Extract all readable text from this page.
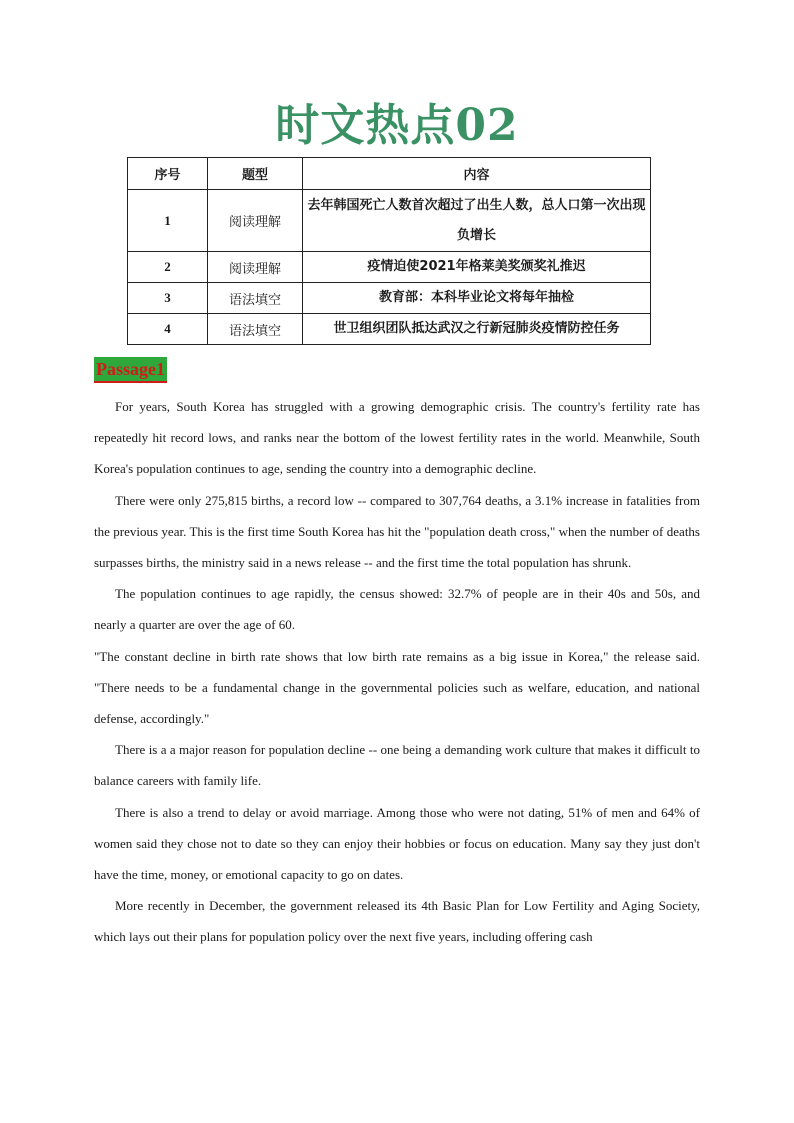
时文热点02
序号	题型	内容
1	阅读理解	去年韩国死亡人数首次超过了出生人数，总人口第一次出现负增长
2	阅读理解	疫情迫使2021年格莱美奖颁奖礼推迟
3	语法填空	教育部：本科毕业论文将每年抽检
4	语法填空	世卫组织团队抵达武汉之行新冠肺炎疫情防控任务
Passage1

For years, South Korea has struggled with a growing demographic crisis. The country's fertility rate has repeatedly hit record lows, and ranks near the bottom of the lowest fertility rates in the world. Meanwhile, South Korea's population continues to age, sending the country into a demographic decline.

There were only 275,815 births, a record low -- compared to 307,764 deaths, a 3.1% increase in fatalities from the previous year. This is the first time South Korea has hit the "population death cross," when the number of deaths surpasses births, the ministry said in a news release -- and the first time the total population has shrunk.

The population continues to age rapidly, the census showed: 32.7% of people are in their 40s and 50s, and nearly a quarter are over the age of 60.

"The constant decline in birth rate shows that low birth rate remains as a big issue in Korea," the release said. "There needs to be a fundamental change in the governmental policies such as welfare, education, and national defense, accordingly."

There is a a major reason for population decline -- one being a demanding work culture that makes it difficult to balance careers with family life.

There is also a trend to delay or avoid marriage. Among those who were not dating, 51% of men and 64% of women said they chose not to date so they can enjoy their hobbies or focus on education. Many say they just don't have the time, money, or emotional capacity to go on dates.

More recently in December, the government released its 4th Basic Plan for Low Fertility and Aging Society, which lays out their plans for population policy over the next five years, including offering cash
